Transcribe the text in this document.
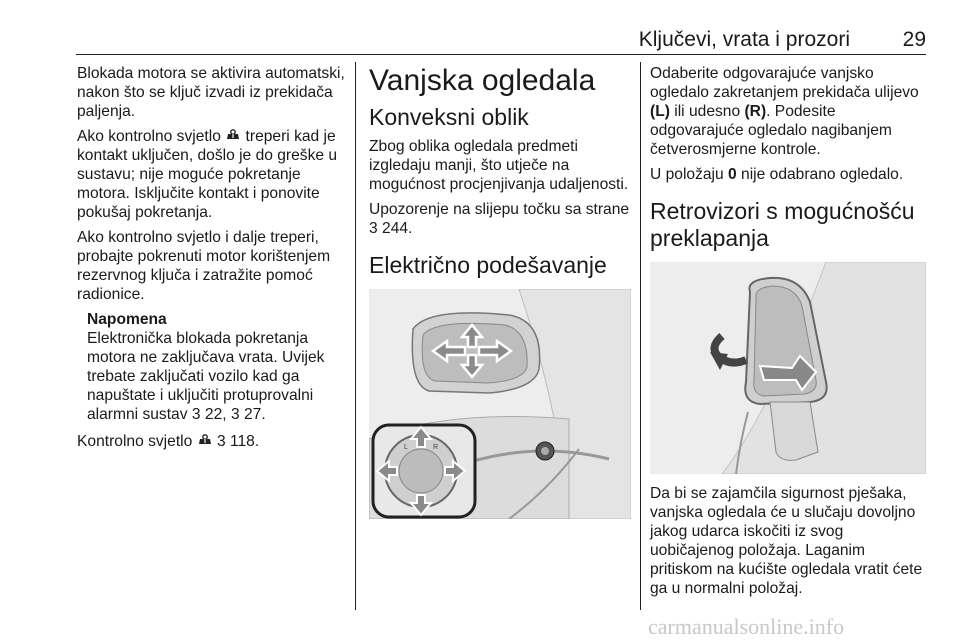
Ključevi, vrata i prozori	29

Blokada motora se aktivira automatski, nakon što se ključ izvadi iz prekidača paljenja.

Ako kontrolno svjetlo  treperi kad je kontakt uključen, došlo je do greške u sustavu; nije moguće pokretanje motora. Isključite kontakt i ponovite pokušaj pokretanja.

Ako kontrolno svjetlo i dalje treperi, probajte pokrenuti motor korištenjem rezervnog ključa i zatražite pomoć radionice.

Napomena
Elektronička blokada pokretanja motora ne zaključava vrata. Uvijek trebate zaključati vozilo kad ga napuštate i uključiti protuprovalni alarmni sustav 3 22, 3 27.

Kontrolno svjetlo  3 118.

Vanjska ogledala
Konveksni oblik

Zbog oblika ogledala predmeti izgledaju manji, što utječe na mogućnost procjenjivanja udaljenosti.

Upozorenje na slijepu točku sa strane 3 244.

Električno podešavanje
L	R

Odaberite odgovarajuće vanjsko ogledalo zakretanjem prekidača ulijevo (L) ili udesno (R). Podesite odgovarajuće ogledalo nagibanjem četverosmjerne kontrole.

U položaju 0 nije odabrano ogledalo.

Retrovizori s mogućnošću preklapanja

Da bi se zajamčila sigurnost pješaka, vanjska ogledala će u slučaju dovoljno jakog udarca iskočiti iz svog uobičajenog položaja. Laganim pritiskom na kućište ogledala vratit ćete ga u normalni položaj.

carmanualsonline.info
